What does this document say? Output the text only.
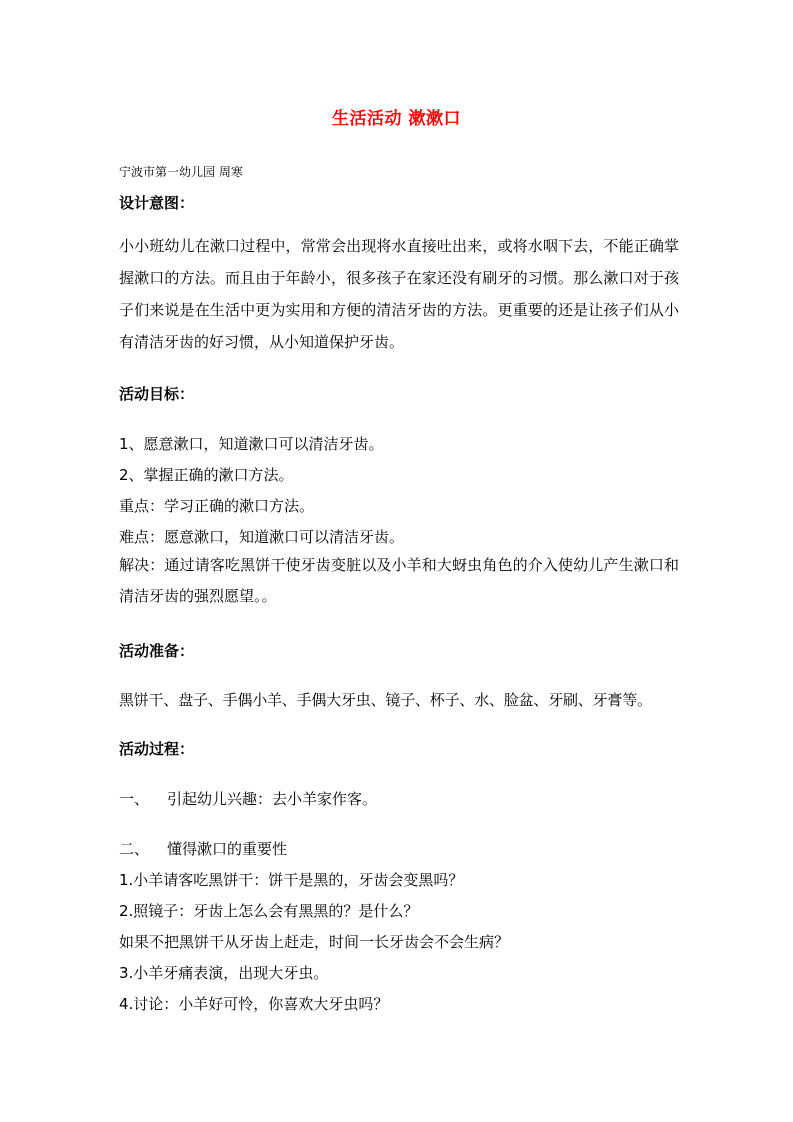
生活活动 漱漱口
宁波市第一幼儿园 周寒
设计意图：
小小班幼儿在漱口过程中，常常会出现将水直接吐出来，或将水咽下去，不能正确掌握漱口的方法。而且由于年龄小，很多孩子在家还没有刷牙的习惯。那么漱口对于孩子们来说是在生活中更为实用和方便的清洁牙齿的方法。更重要的还是让孩子们从小有清洁牙齿的好习惯，从小知道保护牙齿。
活动目标：
1、愿意漱口，知道漱口可以清洁牙齿。
2、掌握正确的漱口方法。
重点：学习正确的漱口方法。
难点：愿意漱口，知道漱口可以清洁牙齿。
解决：通过请客吃黑饼干使牙齿变脏以及小羊和大蚜虫角色的介入使幼儿产生漱口和清洁牙齿的强烈愿望。。
活动准备：
黑饼干、盘子、手偶小羊、手偶大牙虫、镜子、杯子、水、脸盆、牙刷、牙膏等。
活动过程：
一、 引起幼儿兴趣：去小羊家作客。
二、 懂得漱口的重要性
1.小羊请客吃黑饼干：饼干是黑的，牙齿会变黑吗？
2.照镜子：牙齿上怎么会有黑黑的？是什么？
如果不把黑饼干从牙齿上赶走，时间一长牙齿会不会生病？
3.小羊牙痛表演，出现大牙虫。
4.讨论：小羊好可怜，你喜欢大牙虫吗？
